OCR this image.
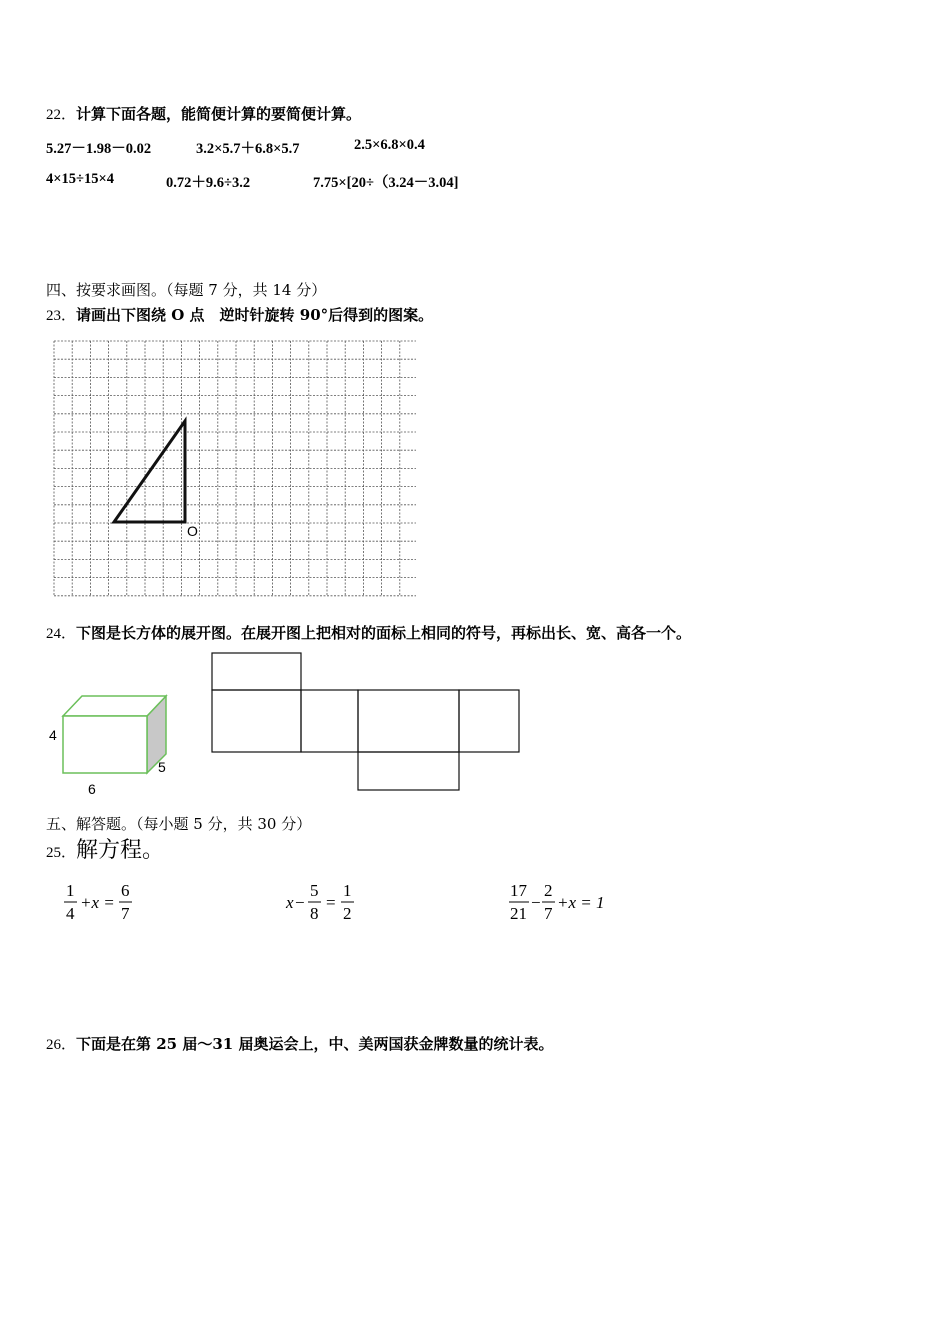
22．计算下面各题，能简便计算的要简便计算。
5.27－1.98－0.02	3.2×5.7＋6.8×5.7	2.5×6.8×0.4
4×15÷15×4	0.72＋9.6÷3.2	7.75×[20÷（3.24－3.04]
四、按要求画图。（每题 7 分，共 14 分）
23．请画出下图绕 O 点　逆时针旋转 90°后得到的图案。
O
24．下图是长方体的展开图。在展开图上把相对的面标上相同的符号，再标出长、宽、高各一个。
4
6
5
五、解答题。（每小题 5 分，共 30 分）
25．解方程。
1
4
+x =
6
7
x −
5
8
=
1
2
17
21
−
2
7
+x = 1
26．下面是在第 25 届～31 届奥运会上，中、美两国获金牌数量的统计表。
